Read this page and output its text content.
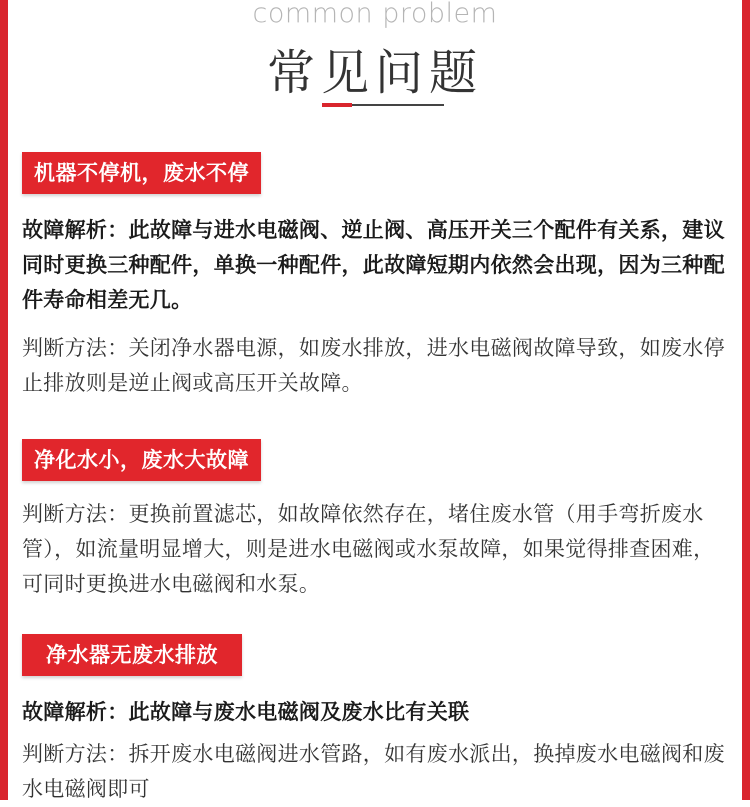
common problem
常见问题
机器不停机，废水不停
故障解析：此故障与进水电磁阀、逆止阀、高压开关三个配件有关系，建议同时更换三种配件，单换一种配件，此故障短期内依然会出现，因为三种配件寿命相差无几。
判断方法：关闭净水器电源，如废水排放，进水电磁阀故障导致，如废水停止排放则是逆止阀或高压开关故障。
净化水小，废水大故障
判断方法：更换前置滤芯，如故障依然存在，堵住废水管（用手弯折废水管），如流量明显增大，则是进水电磁阀或水泵故障，如果觉得排查困难，可同时更换进水电磁阀和水泵。
净水器无废水排放
故障解析：此故障与废水电磁阀及废水比有关联
判断方法：拆开废水电磁阀进水管路，如有废水派出，换掉废水电磁阀和废水电磁阀即可
